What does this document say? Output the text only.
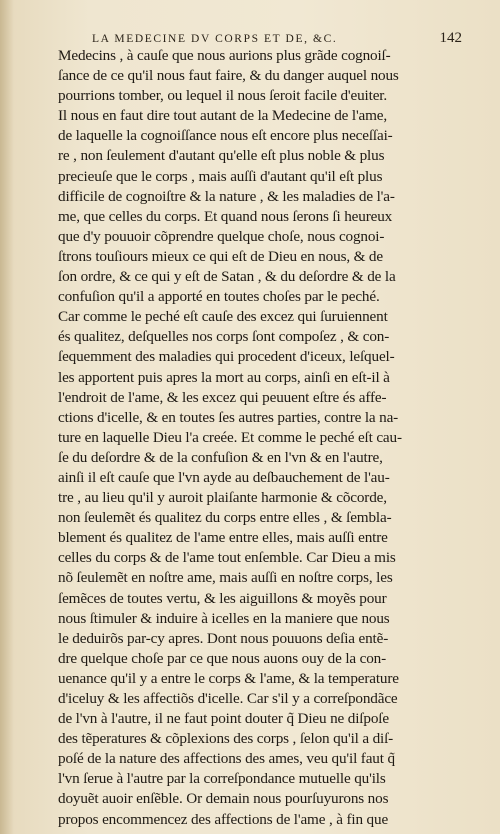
LA MEDECINE DV CORPS ET DE, &C.	142
Medecins , à cauſe que nous aurions plus grãde cognoiſ-
ſance de ce qu'il nous faut faire, & du danger auquel nous
pourrions tomber, ou lequel il nous ſeroit facile d'euiter.
Il nous en faut dire tout autant de la Medecine de l'ame,
de laquelle la cognoiſſance nous eſt encore plus neceſſai-
re , non ſeulement d'autant qu'elle eſt plus noble & plus
precieuſe que le corps , mais auſſi d'autant qu'il eſt plus
difficile de cognoiſtre & la nature , & les maladies de l'a-
me, que celles du corps. Et quand nous ſerons ſi heureux
que d'y pouuoir cõprendre quelque choſe, nous cognoi-
ſtrons touſiours mieux ce qui eſt de Dieu en nous, & de
ſon ordre, & ce qui y eſt de Satan , & du deſordre & de la
confuſion qu'il a apporté en toutes choſes par le peché.
Car comme le peché eſt cauſe des excez qui ſuruiennent
és qualitez, deſquelles nos corps ſont compoſez , & con-
ſequemment des maladies qui procedent d'iceux, leſquel-
les apportent puis apres la mort au corps, ainſi en eſt-il à
l'endroit de l'ame, & les excez qui peuuent eſtre és affe-
ctions d'icelle, & en toutes ſes autres parties, contre la na-
ture en laquelle Dieu l'a creée. Et comme le peché eſt cau-
ſe du deſordre & de la confuſion & en l'vn & en l'autre,
ainſi il eſt cauſe que l'vn ayde au deſbauchement de l'au-
tre , au lieu qu'il y auroit plaiſante harmonie & cõcorde,
non ſeulemẽt és qualitez du corps entre elles , & ſembla-
blement és qualitez de l'ame entre elles, mais auſſi entre
celles du corps & de l'ame tout enſemble. Car Dieu a mis
nõ ſeulemẽt en noſtre ame, mais auſſi en noſtre corps, les
ſemẽces de toutes vertu, & les aiguillons & moyẽs pour
nous ſtimuler & induire à icelles en la maniere que nous
le deduirõs par-cy apres. Dont nous pouuons deſia entẽ-
dre quelque choſe par ce que nous auons ouy de la con-
uenance qu'il y a entre le corps & l'ame, & la temperature
d'iceluy & les affectiõs d'icelle. Car s'il y a correſpondãce
de l'vn à l'autre, il ne faut point douter q̃ Dieu ne diſpoſe
des tẽperatures & cõplexions des corps , ſelon qu'il a diſ-
poſé de la nature des affections des ames, veu qu'il faut q̃
l'vn ſerue à l'autre par la correſpondance mutuelle qu'ils
doyuẽt auoir enſẽble. Or demain nous pourſuyurons nos
propos encommencez des affections de l'ame , à fin que
